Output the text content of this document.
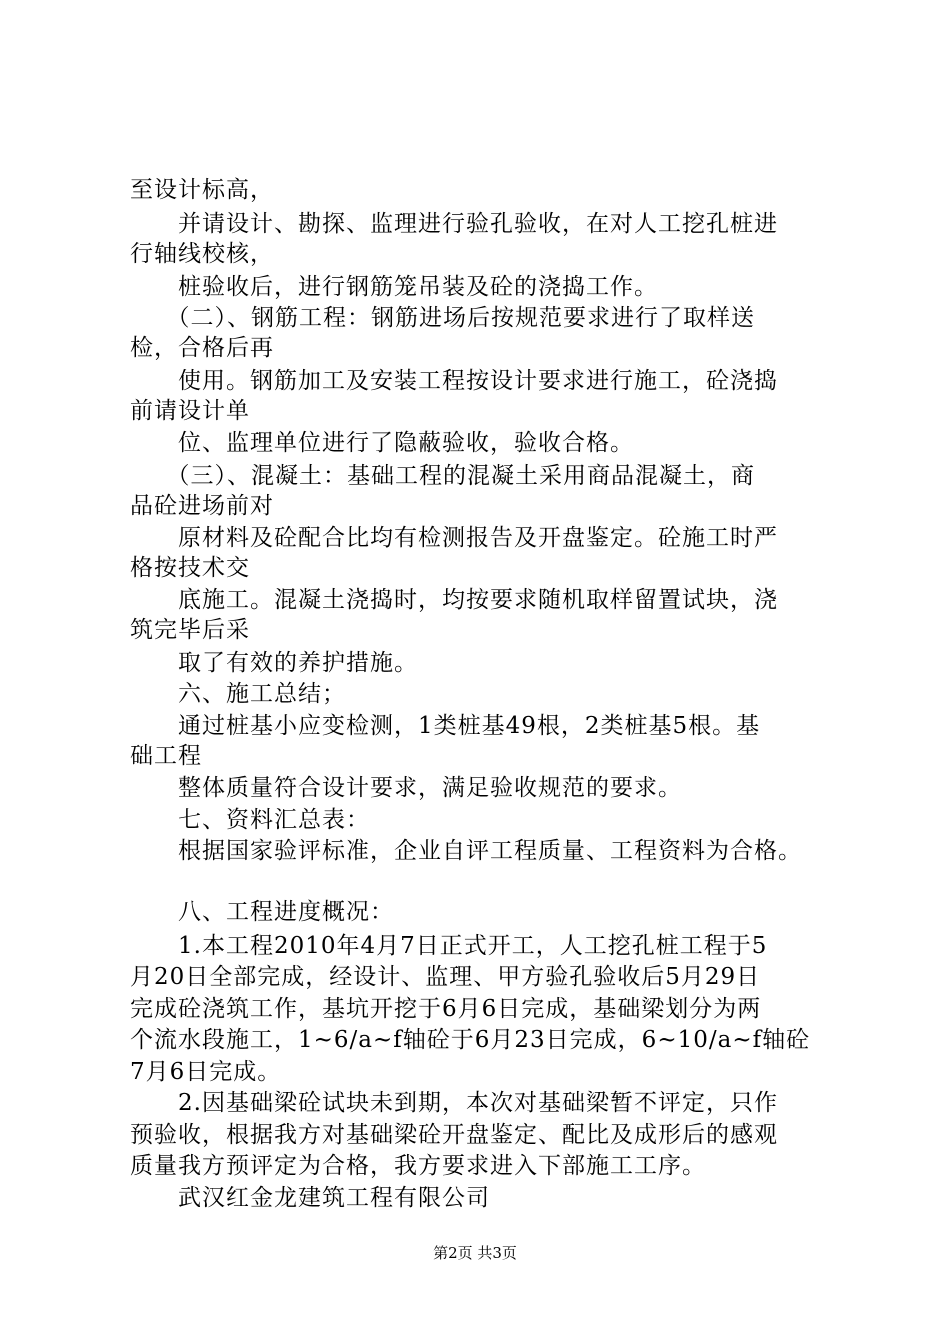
至设计标高，
　　并请设计、勘探、监理进行验孔验收，在对人工挖孔桩进
行轴线校核，
　　桩验收后，进行钢筋笼吊装及砼的浇捣工作。
　　（二）、钢筋工程：钢筋进场后按规范要求进行了取样送
检，合格后再
　　使用。钢筋加工及安装工程按设计要求进行施工，砼浇捣
前请设计单
　　位、监理单位进行了隐蔽验收，验收合格。
　　（三）、混凝土：基础工程的混凝土采用商品混凝土，商
品砼进场前对
　　原材料及砼配合比均有检测报告及开盘鉴定。砼施工时严
格按技术交
　　底施工。混凝土浇捣时，均按要求随机取样留置试块，浇
筑完毕后采
　　取了有效的养护措施。
　　六、施工总结；
　　通过桩基小应变检测，1类桩基49根，2类桩基5根。基
础工程
　　整体质量符合设计要求，满足验收规范的要求。
　　七、资料汇总表：
　　根据国家验评标准，企业自评工程质量、工程资料为合格。
　　八、工程进度概况：
　　1.本工程2010年4月7日正式开工，人工挖孔桩工程于5
月20日全部完成，经设计、监理、甲方验孔验收后5月29日
完成砼浇筑工作，基坑开挖于6月6日完成，基础梁划分为两
个流水段施工，1~6/a~f轴砼于6月23日完成，6~10/a~f轴砼
7月6日完成。
　　2.因基础梁砼试块未到期，本次对基础梁暂不评定，只作
预验收，根据我方对基础梁砼开盘鉴定、配比及成形后的感观
质量我方预评定为合格，我方要求进入下部施工工序。
　　武汉红金龙建筑工程有限公司
第2页 共3页
